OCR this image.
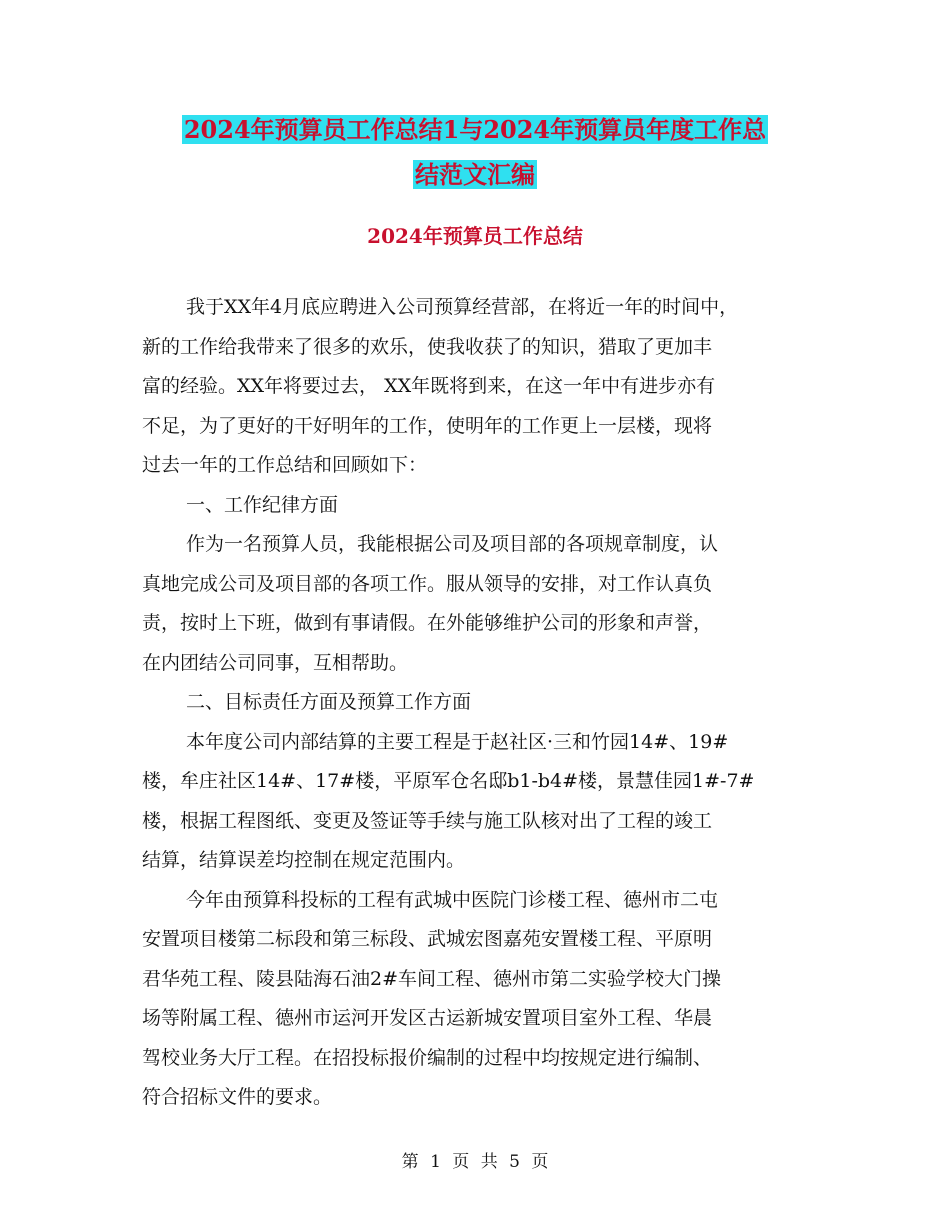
2024年预算员工作总结1与2024年预算员年度工作总
结范文汇编
2024年预算员工作总结
我于XX年4月底应聘进入公司预算经营部，在将近一年的时间中，
新的工作给我带来了很多的欢乐，使我收获了的知识，猎取了更加丰
富的经验。XX年将要过去， XX年既将到来，在这一年中有进步亦有
不足，为了更好的干好明年的工作，使明年的工作更上一层楼，现将
过去一年的工作总结和回顾如下：
一、工作纪律方面
作为一名预算人员，我能根据公司及项目部的各项规章制度，认
真地完成公司及项目部的各项工作。服从领导的安排，对工作认真负
责，按时上下班，做到有事请假。在外能够维护公司的形象和声誉，
在内团结公司同事，互相帮助。
二、目标责任方面及预算工作方面
本年度公司内部结算的主要工程是于赵社区·三和竹园14#、19#
楼，牟庄社区14#、17#楼，平原军仓名邸b1-b4#楼，景慧佳园1#-7#
楼，根据工程图纸、变更及签证等手续与施工队核对出了工程的竣工
结算，结算误差均控制在规定范围内。
今年由预算科投标的工程有武城中医院门诊楼工程、德州市二屯
安置项目楼第二标段和第三标段、武城宏图嘉苑安置楼工程、平原明
君华苑工程、陵县陆海石油2#车间工程、德州市第二实验学校大门操
场等附属工程、德州市运河开发区古运新城安置项目室外工程、华晨
驾校业务大厅工程。在招投标报价编制的过程中均按规定进行编制、
符合招标文件的要求。
第 1 页 共 5 页
